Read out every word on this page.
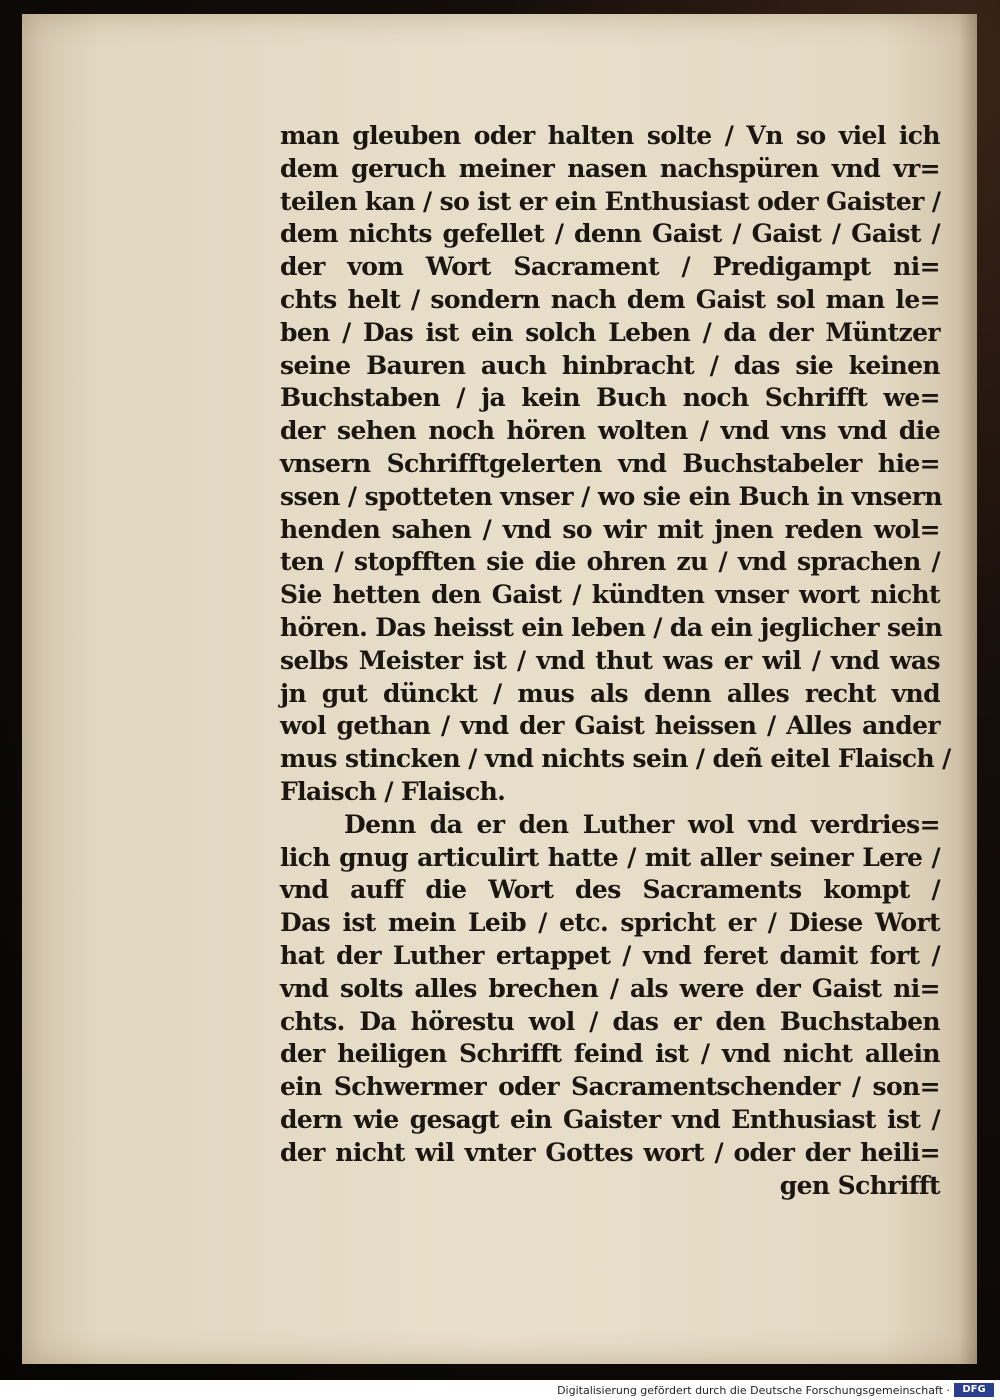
man gleuben oder halten solte / Vn so viel ich
dem geruch meiner nasen nachspüren vnd vr=
teilen kan / so ist er ein Enthusiast oder Gaister /
dem nichts gefellet / denn Gaist / Gaist / Gaist /
der vom Wort Sacrament / Predigampt ni=
chts helt / sondern nach dem Gaist sol man le=
ben / Das ist ein solch Leben / da der Müntzer
seine Bauren auch hinbracht / das sie keinen
Buchstaben / ja kein Buch noch Schrifft we=
der sehen noch hören wolten / vnd vns vnd die
vnsern Schrifftgelerten vnd Buchstabeler hie=
ssen / spotteten vnser / wo sie ein Buch in vnsern
henden sahen / vnd so wir mit jnen reden wol=
ten / stopfften sie die ohren zu / vnd sprachen /
Sie hetten den Gaist / kündten vnser wort nicht
hören. Das heisst ein leben / da ein jeglicher sein
selbs Meister ist / vnd thut was er wil / vnd was
jn gut dünckt / mus als denn alles recht vnd
wol gethan / vnd der Gaist heissen / Alles ander
mus stincken / vnd nichts sein / deñ eitel Flaisch /
Flaisch / Flaisch.
Denn da er den Luther wol vnd verdries=
lich gnug articulirt hatte / mit aller seiner Lere /
vnd auff die Wort des Sacraments kompt /
Das ist mein Leib / etc. spricht er / Diese Wort
hat der Luther ertappet / vnd feret damit fort /
vnd solts alles brechen / als were der Gaist ni=
chts. Da hörestu wol / das er den Buchstaben
der heiligen Schrifft feind ist / vnd nicht allein
ein Schwermer oder Sacramentschender / son=
dern wie gesagt ein Gaister vnd Enthusiast ist /
der nicht wil vnter Gottes wort / oder der heili=
gen Schrifft
Digitalisierung gefördert durch die Deutsche Forschungsgemeinschaft ·	DFG
